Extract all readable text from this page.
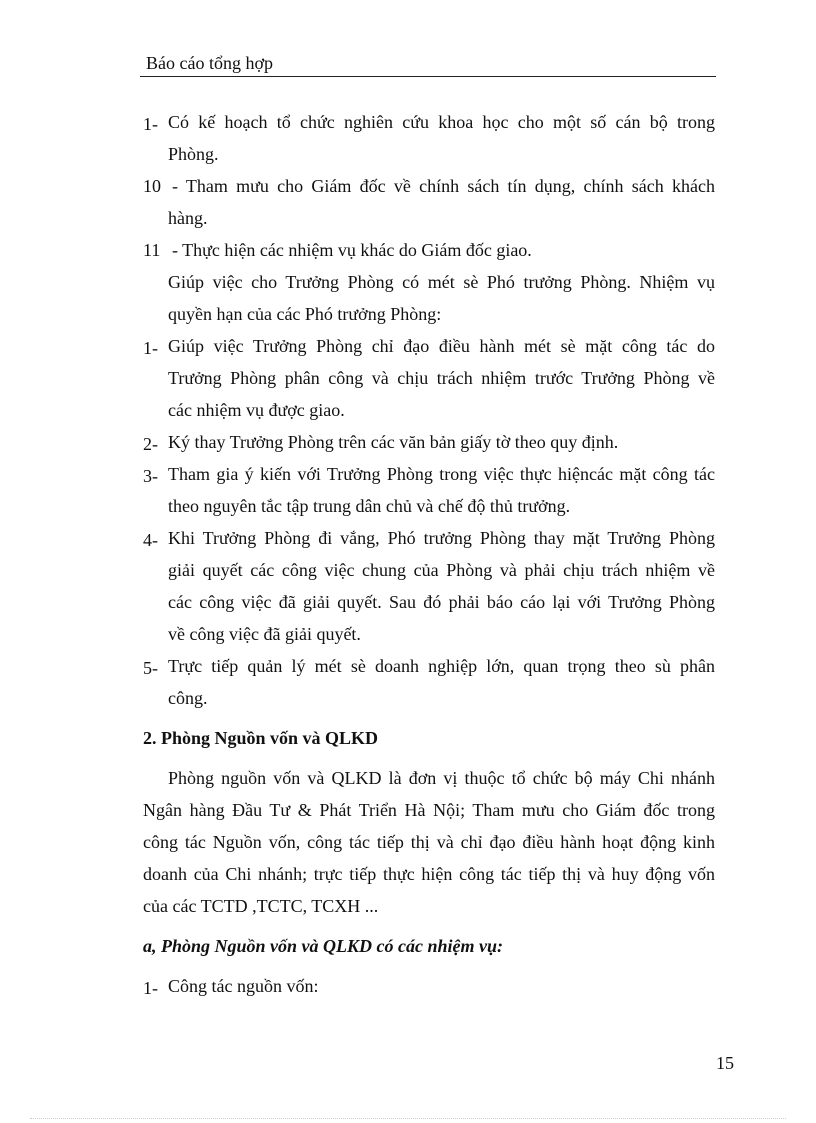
Báo cáo tổng hợp
1- Có kế hoạch tổ chức nghiên cứu khoa học cho một số cán bộ trong
Phòng.
10 - Tham mưu cho Giám đốc về chính sách tín dụng, chính sách khách
hàng.
11 - Thực hiện các nhiệm vụ khác do Giám đốc giao.
Giúp việc cho Trưởng Phòng có mét sè Phó trưởng Phòng. Nhiệm vụ
quyền hạn của các Phó trưởng Phòng:
1- Giúp việc Trưởng Phòng chỉ đạo điều hành mét sè mặt công tác do
Trưởng Phòng phân công và chịu trách nhiệm trước Trưởng Phòng về
các nhiệm vụ được giao.
2- Ký thay Trưởng Phòng trên các văn bản giấy tờ theo quy định.
3- Tham gia ý kiến với Trưởng Phòng trong việc thực hiệncác mặt công tác
theo nguyên tắc tập trung dân chủ và chế độ thủ trưởng.
4- Khi Trưởng Phòng đi vắng, Phó trưởng Phòng thay mặt Trưởng Phòng
giải quyết các công việc chung của Phòng và phải chịu trách nhiệm về
các công việc đã giải quyết. Sau đó phải báo cáo lại với Trưởng Phòng
về công việc đã giải quyết.
5- Trực tiếp quản lý mét sè doanh nghiệp lớn, quan trọng theo sù phân
công.
2. Phòng Nguồn vốn và QLKD
Phòng nguồn vốn và QLKD là đơn vị thuộc tổ chức bộ máy Chi nhánh
Ngân hàng Đầu Tư & Phát Triển Hà Nội; Tham mưu cho Giám đốc trong
công tác Nguồn vốn, công tác tiếp thị và chỉ đạo điều hành hoạt động kinh
doanh của Chi nhánh; trực tiếp thực hiện công tác tiếp thị và huy động vốn
của các TCTD ,TCTC, TCXH ...
a, Phòng Nguồn vốn và QLKD có các nhiệm vụ:
1- Công tác nguồn vốn:
15
